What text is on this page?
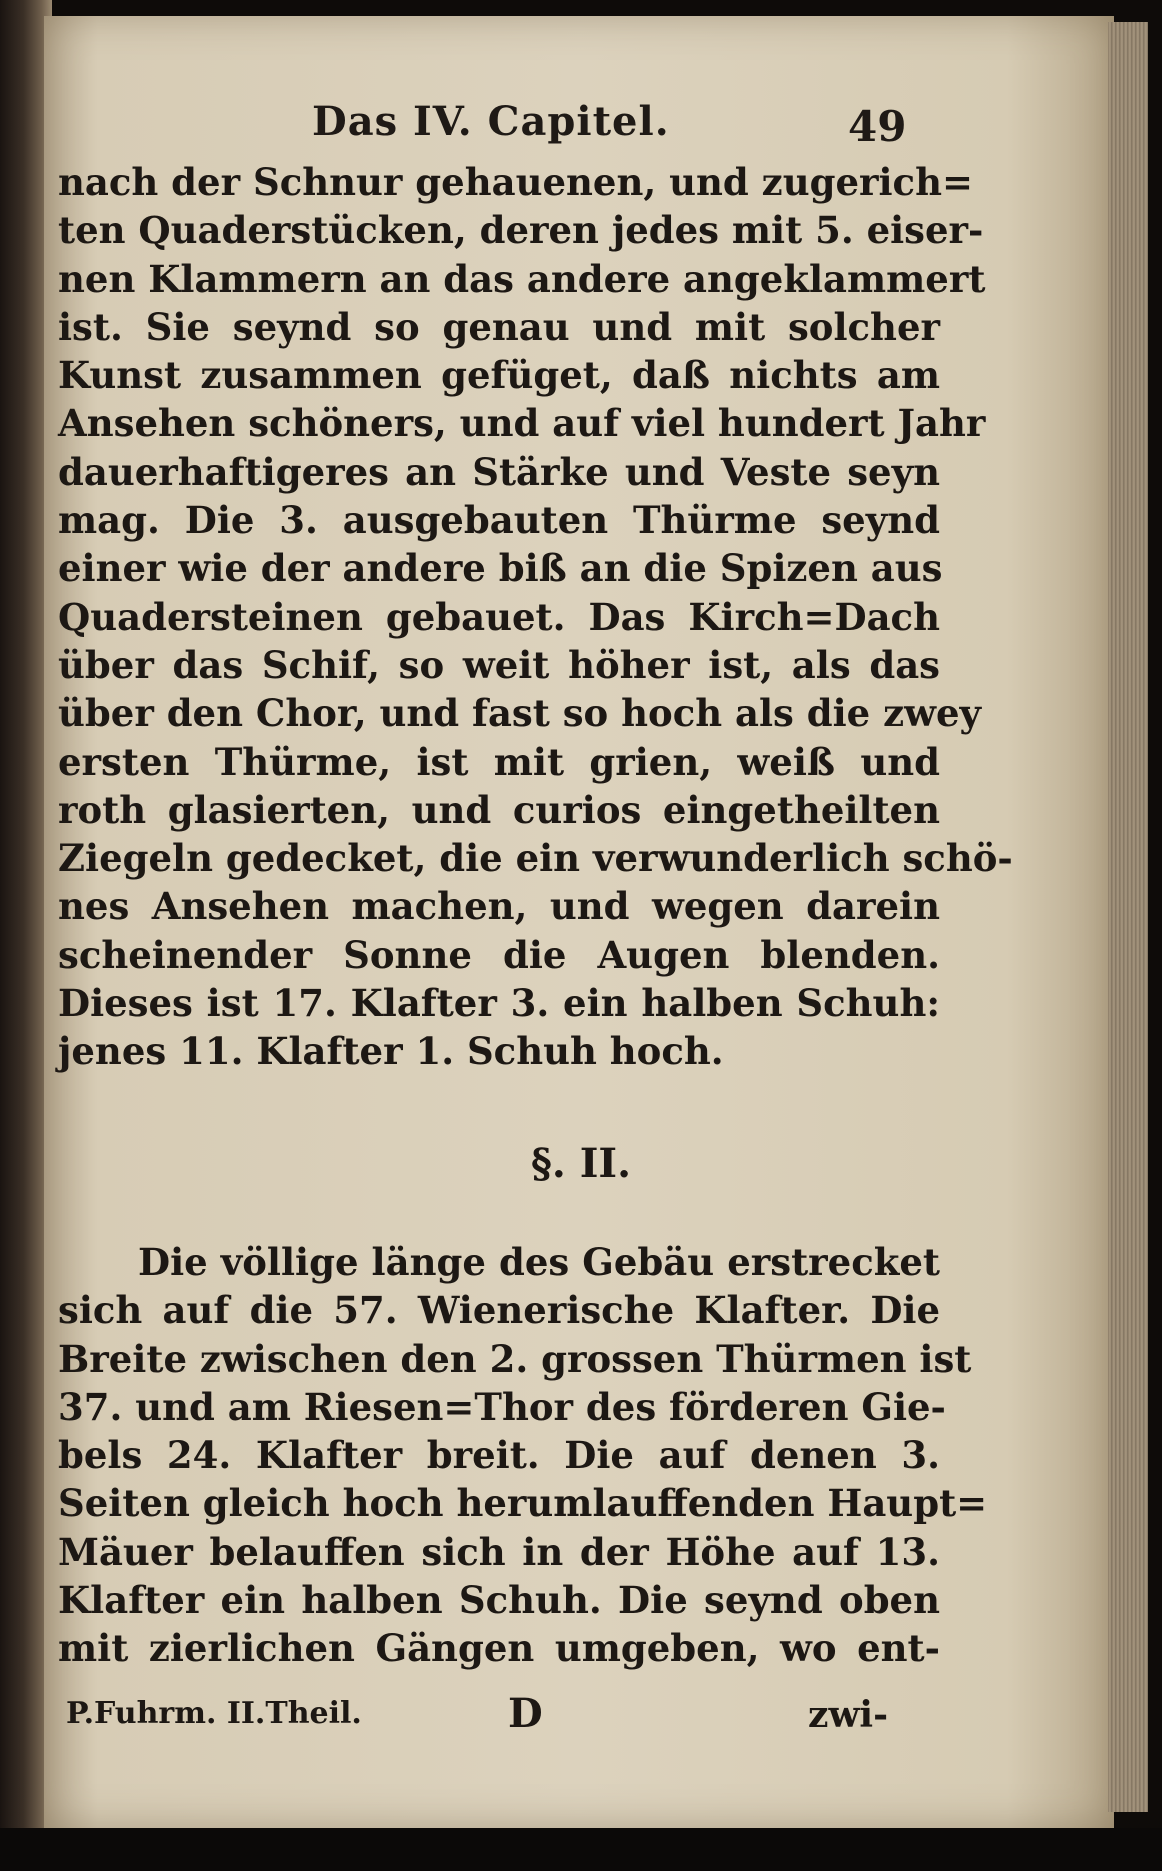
Das IV. Capitel.	49
nach der Schnur gehauenen, und zugerich=
ten Quaderstücken, deren jedes mit 5. eiser-
nen Klammern an das andere angeklammert
ist. Sie seynd so genau und mit solcher
Kunst zusammen gefüget, daß nichts am
Ansehen schöners, und auf viel hundert Jahr
dauerhaftigeres an Stärke und Veste seyn
mag. Die 3. ausgebauten Thürme seynd
einer wie der andere biß an die Spizen aus
Quadersteinen gebauet. Das Kirch=Dach
über das Schif, so weit höher ist, als das
über den Chor, und fast so hoch als die zwey
ersten Thürme, ist mit grien, weiß und
roth glasierten, und curios eingetheilten
Ziegeln gedecket, die ein verwunderlich schö-
nes Ansehen machen, und wegen darein
scheinender Sonne die Augen blenden.
Dieses ist 17. Klafter 3. ein halben Schuh:
jenes 11. Klafter 1. Schuh hoch.
§. II.
Die völlige länge des Gebäu erstrecket
sich auf die 57. Wienerische Klafter. Die
Breite zwischen den 2. grossen Thürmen ist
37. und am Riesen=Thor des förderen Gie-
bels 24. Klafter breit. Die auf denen 3.
Seiten gleich hoch herumlauffenden Haupt=
Mäuer belauffen sich in der Höhe auf 13.
Klafter ein halben Schuh. Die seynd oben
mit zierlichen Gängen umgeben, wo ent-
P.Fuhrm. II.Theil.	D	zwi-
